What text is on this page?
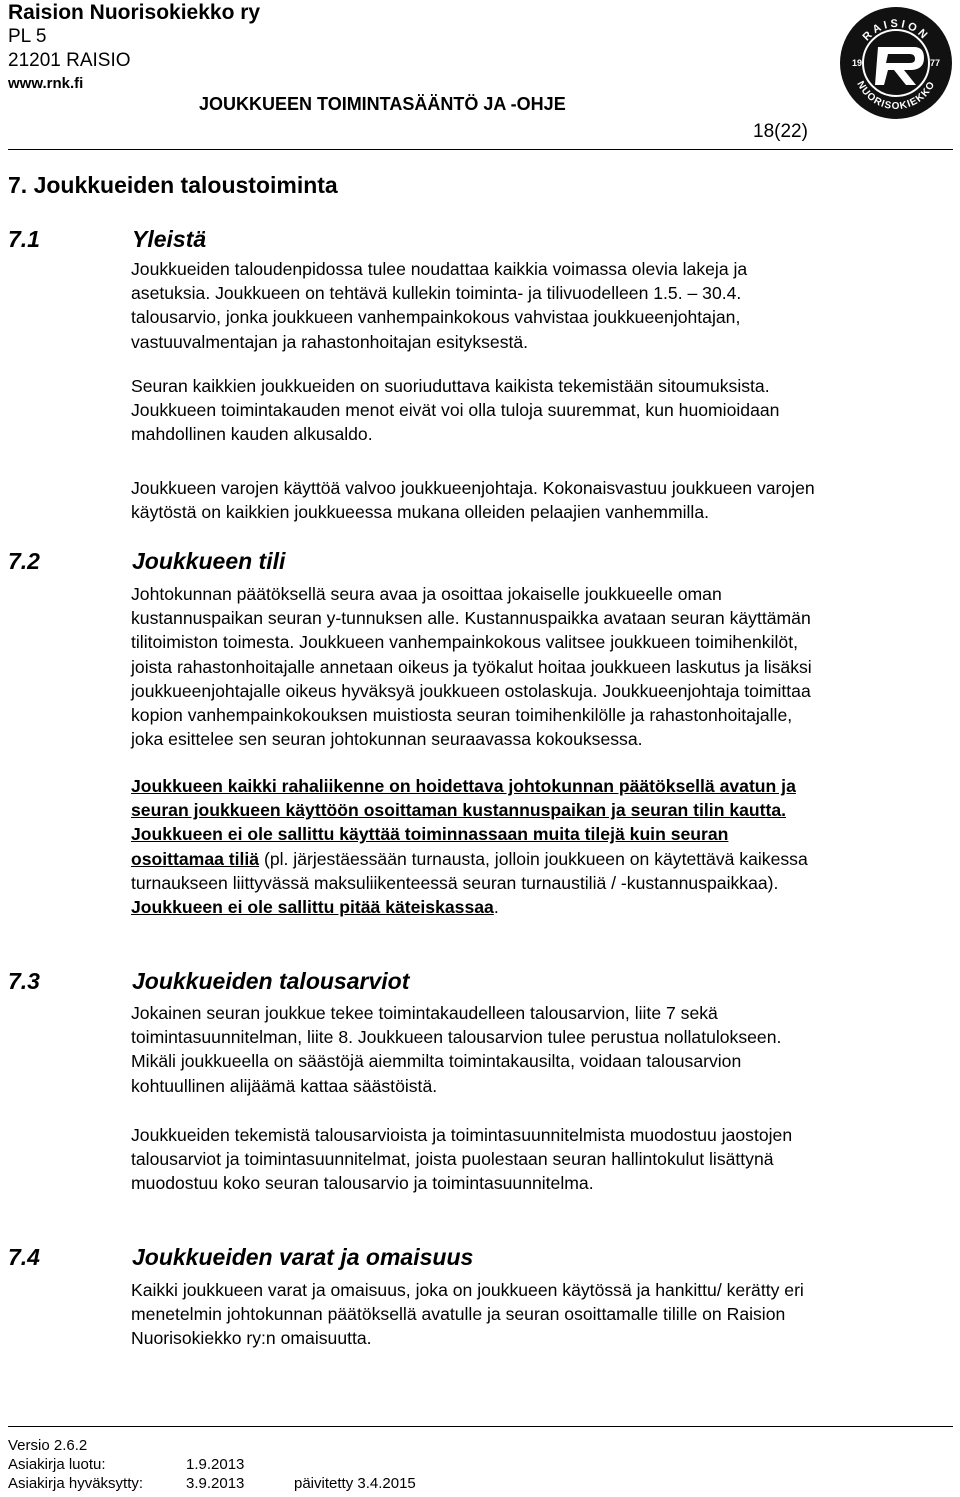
Raision Nuorisokiekko ry
PL 5
21201 RAISIO
www.rnk.fi
JOUKKUEEN TOIMINTASÄÄNTÖ JA -OHJE
18(22)
RAISION
NUORISOKIEKKO
19	77
7. Joukkueiden taloustoiminta
7.1	Yleistä

Joukkueiden taloudenpidossa tulee noudattaa kaikkia voimassa olevia lakeja ja

asetuksia. Joukkueen on tehtävä kullekin toiminta- ja tilivuodelleen 1.5. – 30.4.

talousarvio, jonka joukkueen vanhempainkokous vahvistaa joukkueenjohtajan,

vastuuvalmentajan ja rahastonhoitajan esityksestä.

Seuran kaikkien joukkueiden on suoriuduttava kaikista tekemistään sitoumuksista.

Joukkueen toimintakauden menot eivät voi olla tuloja suuremmat, kun huomioidaan

mahdollinen kauden alkusaldo.

Joukkueen varojen käyttöä valvoo joukkueenjohtaja. Kokonaisvastuu joukkueen varojen

käytöstä on kaikkien joukkueessa mukana olleiden pelaajien vanhemmilla.

7.2	Joukkueen tili

Johtokunnan päätöksellä seura avaa ja osoittaa jokaiselle joukkueelle oman

kustannuspaikan seuran y-tunnuksen alle. Kustannuspaikka avataan seuran käyttämän

tilitoimiston toimesta. Joukkueen vanhempainkokous valitsee joukkueen toimihenkilöt,

joista rahastonhoitajalle annetaan oikeus ja työkalut hoitaa joukkueen laskutus ja lisäksi

joukkueenjohtajalle oikeus hyväksyä joukkueen ostolaskuja. Joukkueenjohtaja toimittaa

kopion vanhempainkokouksen muistiosta seuran toimihenkilölle ja rahastonhoitajalle,

joka esittelee sen seuran johtokunnan seuraavassa kokouksessa.

Joukkueen kaikki rahaliikenne on hoidettava johtokunnan päätöksellä avatun ja

seuran joukkueen käyttöön osoittaman kustannuspaikan ja seuran tilin kautta.

Joukkueen ei ole sallittu käyttää toiminnassaan muita tilejä kuin seuran

osoittamaa tiliä (pl. järjestäessään turnausta, jolloin joukkueen on käytettävä kaikessa

turnaukseen liittyvässä maksuliikenteessä seuran turnaustiliä / -kustannuspaikkaa).

Joukkueen ei ole sallittu pitää käteiskassaa.

7.3	Joukkueiden talousarviot

Jokainen seuran joukkue tekee toimintakaudelleen talousarvion, liite 7 sekä

toimintasuunnitelman, liite 8. Joukkueen talousarvion tulee perustua nollatulokseen.

Mikäli joukkueella on säästöjä aiemmilta toimintakausilta, voidaan talousarvion

kohtuullinen alijäämä kattaa säästöistä.

Joukkueiden tekemistä talousarvioista ja toimintasuunnitelmista muodostuu jaostojen

talousarviot ja toimintasuunnitelmat, joista puolestaan seuran hallintokulut lisättynä

muodostuu koko seuran talousarvio ja toimintasuunnitelma.

7.4	Joukkueiden varat ja omaisuus

Kaikki joukkueen varat ja omaisuus, joka on joukkueen käytössä ja hankittu/ kerätty eri

menetelmin johtokunnan päätöksellä avatulle ja seuran osoittamalle tilille on Raision

Nuorisokiekko ry:n omaisuutta.

Versio 2.6.2
Asiakirja luotu:	1.9.2013
Asiakirja hyväksytty:	3.9.2013	päivitetty 3.4.2015
